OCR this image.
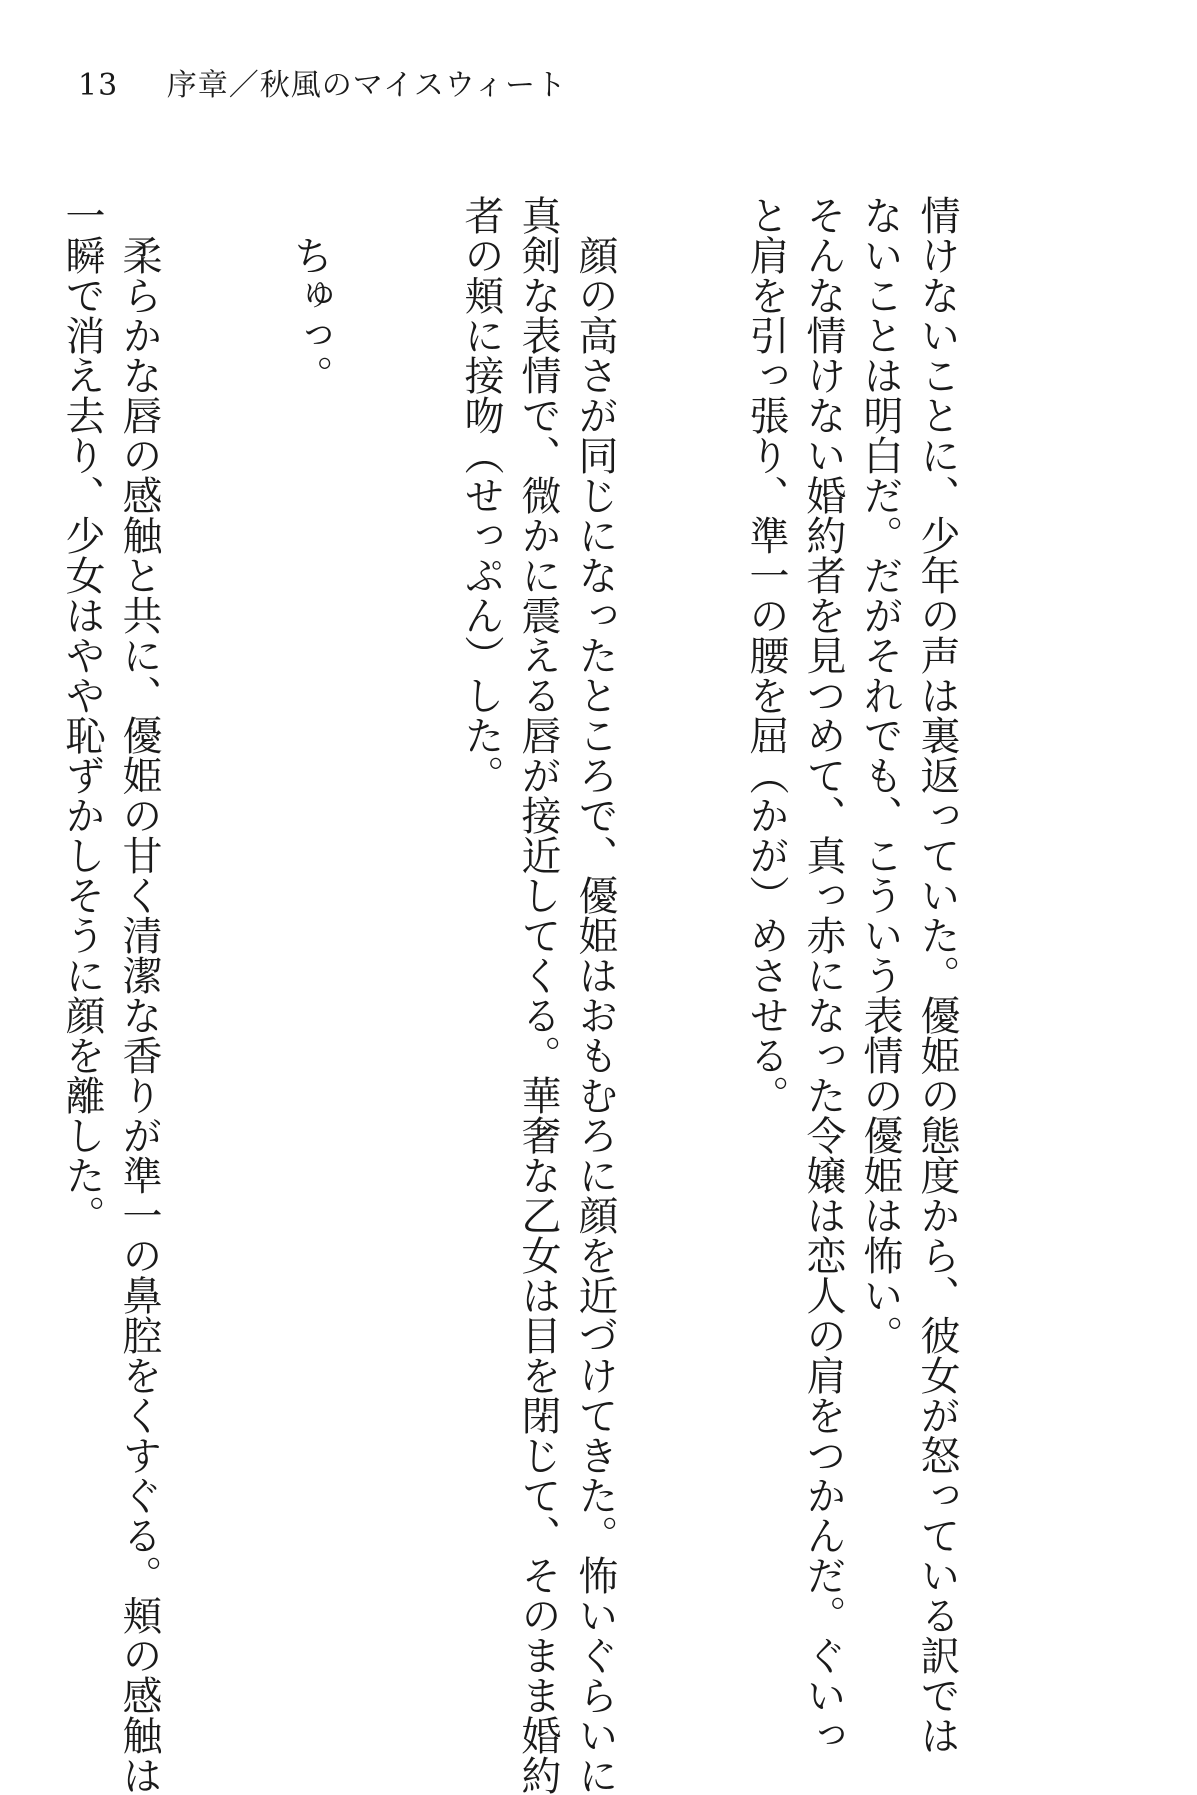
13 序章／秋風のマイスウィート

情けないことに、少年の声は裏返っていた。優姫の態度から、彼女が怒っている訳では
ないことは明白だ。だがそれでも、こういう表情の優姫は怖い。
そんな情けない婚約者を見つめて、真っ赤になった令嬢は恋人の肩をつかんだ。ぐいっ
と肩を引っ張り、準一の腰を屈（かが）めさせる。

顔の高さが同じになったところで、優姫はおもむろに顔を近づけてきた。怖いぐらいに
真剣な表情で、微かに震える唇が接近してくる。華奢な乙女は目を閉じて、そのまま婚約
者の頬に接吻（せっぷん）した。

ちゅっ。

柔らかな唇の感触と共に、優姫の甘く清潔な香りが準一の鼻腔をくすぐる。頬の感触は
一瞬で消え去り、少女はやや恥ずかしそうに顔を離した。
